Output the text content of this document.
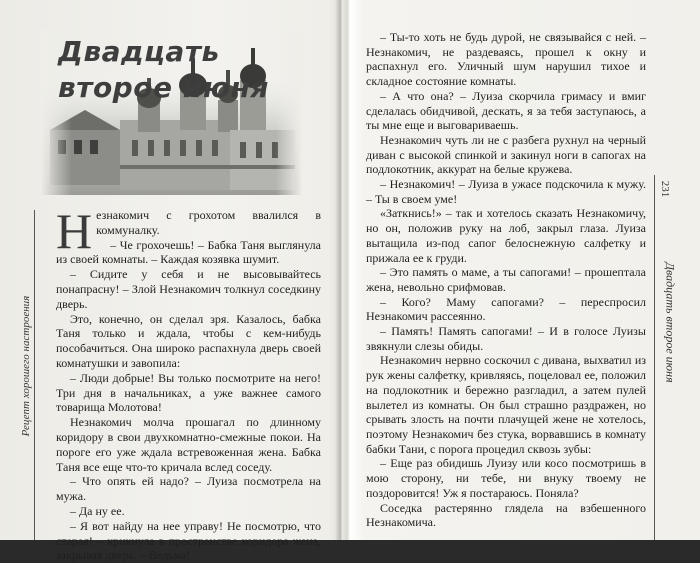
Рецепт хорошего настроения
Двадцать
второе июня

Незнакомич с грохотом ввалился в коммуналку.

– Че грохочешь! – Бабка Таня выглянула из своей комнаты. – Каждая козявка шумит.

– Сидите у себя и не высовывайтесь понапрасну! – Злой Незнакомич толкнул соседкину дверь.

Это, конечно, он сделал зря. Казалось, бабка Таня только и ждала, чтобы с кем-нибудь пособачиться. Она широко распахнула дверь своей комнатушки и завопила:

– Люди добрые! Вы только посмотрите на него! Три дня в начальниках, а уже важнее самого товарища Молотова!

Незнакомич молча прошагал по длинному коридору в свои двухкомнатно-смежные покои. На пороге его уже ждала встревоженная жена. Бабка Таня все еще что-то кричала вслед соседу.

– Что опять ей надо? – Луиза посмотрела на мужа.

– Да ну ее.

– Я вот найду на нее управу! Не посмотрю, что старая! – крикнула в пространстве коридора жена, закрывая дверь. – Ведьма!

– Ты-то хоть не будь дурой, не связывайся с ней. – Незнакомич, не раздеваясь, прошел к окну и распахнул его. Уличный шум нарушил тихое и складное состояние комнаты.

– А что она? – Луиза скорчила гримасу и вмиг сделалась обидчивой, дескать, я за тебя заступаюсь, а ты мне еще и выговариваешь.

Незнакомич чуть ли не с разбега рухнул на черный диван с высокой спинкой и закинул ноги в сапогах на подлокотник, аккурат на белые кружева.

– Незнакомич! – Луиза в ужасе подскочила к мужу. – Ты в своем уме!

«Заткнись!» – так и хотелось сказать Незнакомичу, но он, положив руку на лоб, закрыл глаза. Луиза вытащила из-под сапог белоснежную салфетку и прижала ее к груди.

– Это память о маме, а ты сапогами! – прошептала жена, невольно срифмовав.

– Кого? Маму сапогами? – переспросил Незнакомич рассеянно.

– Память! Память сапогами! – И в голосе Луизы звякнули слезы обиды.

Незнакомич нервно соскочил с дивана, выхватил из рук жены салфетку, кривляясь, поцеловал ее, положил на подлокотник и бережно разгладил, а затем пулей вылетел из комнаты. Он был страшно раздражен, но срывать злость на почти плачущей жене не хотелось, поэтому Незнакомич без стука, ворвавшись в комнату бабки Тани, с порога процедил сквозь зубы:

– Еще раз обидишь Луизу или косо посмотришь в мою сторону, ни тебе, ни внуку твоему не поздоровится! Уж я постараюсь. Поняла?

Соседка растерянно глядела на взбешенного Незнакомича.

231
Двадцать второе июня
